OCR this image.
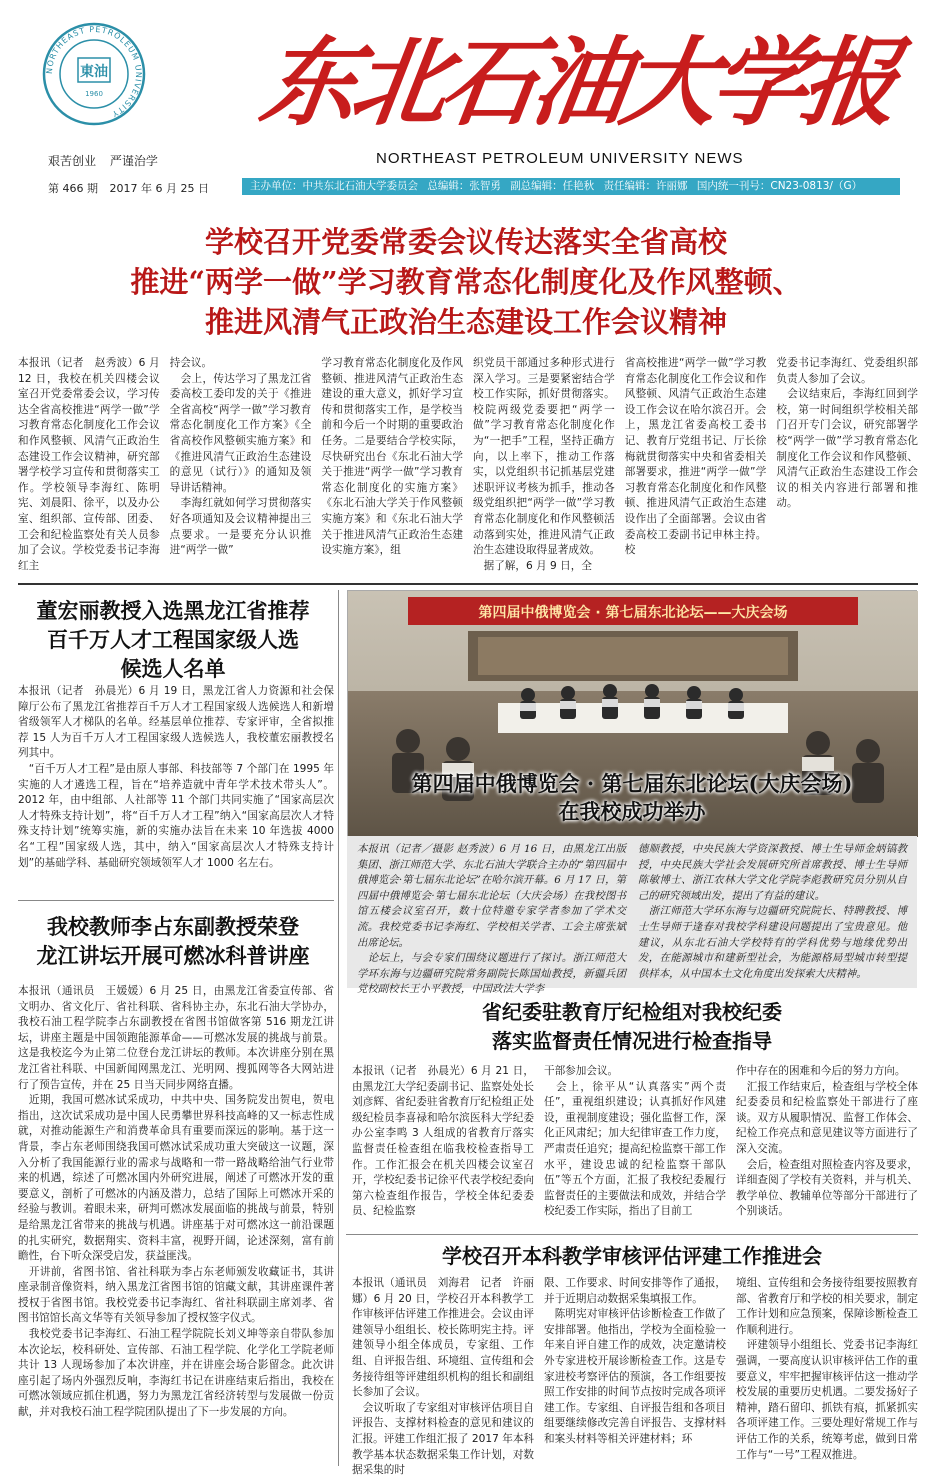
NORTHEAST PETROLEUM UNIVERSITY
東油
1960 东北石油大学报
NORTHEAST PETROLEUM UNIVERSITY NEWS
艰苦创业 严谨治学
第 466 期 2017 年 6 月 25 日	主办单位：中共东北石油大学委员会 总编辑：张智勇 副总编辑：任艳秋 责任编辑：许丽娜 国内统一刊号：CN23-0813/（G）
学校召开党委常委会议传达落实全省高校
推进“两学一做”学习教育常态化制度化及作风整顿、
推进风清气正政治生态建设工作会议精神
本报讯（记者　赵秀波）6 月 12 日，我校在机关四楼会议室召开党委常委会议，学习传达全省高校推进“两学一做”学习教育常态化制度化工作会议和作风整顿、风清气正政治生态建设工作会议精神，研究部署学校学习宣传和贯彻落实工作。学校领导李海红、陈明宪、刘晨阳、徐平，以及办公室、组织部、宣传部、团委、工会和纪检监察处有关人员参加了会议。学校党委书记李海红主
持会议。
　会上，传达学习了黑龙江省委高校工委印发的关于《推进全省高校“两学一做”学习教育常态化制度化工作方案》《全省高校作风整顿实施方案》和《推进风清气正政治生态建设的意见（试行）》的通知及领导讲话精神。
　李海红就如何学习贯彻落实好各项通知及会议精神提出三点要求。一是要充分认识推进“两学一做”
学习教育常态化制度化及作风整顿、推进风清气正政治生态建设的重大意义，抓好学习宣传和贯彻落实工作，是学校当前和今后一个时期的重要政治任务。二是要结合学校实际，尽快研究出台《东北石油大学关于推进“两学一做”学习教育常态化制度化的实施方案》《东北石油大学关于作风整顿实施方案》和《东北石油大学关于推进风清气正政治生态建设实施方案》，组
织党员干部通过多种形式进行深入学习。三是要紧密结合学校工作实际，抓好贯彻落实。校院两级党委要把“两学一做”学习教育常态化制度化作为“一把手”工程，坚持正确方向，以上率下，推动工作落实，以党组织书记抓基层党建述职评议考核为抓手，推动各级党组织把“两学一做”学习教育常态化制度化和作风整顿活动落到实处，推进风清气正政治生态建设取得显著成效。
　据了解，6 月 9 日，全
省高校推进“两学一做”学习教育常态化制度化工作会议和作风整顿、风清气正政治生态建设工作会议在哈尔滨召开。会上，黑龙江省委高校工委书记、教育厅党组书记、厅长徐梅就贯彻落实中央和省委相关部署要求，推进“两学一做”学习教育常态化制度化和作风整顿、推进风清气正政治生态建设作出了全面部署。会议由省委高校工委副书记申林主持。校
党委书记李海红、党委组织部负责人参加了会议。
　会议结束后，李海红回到学校，第一时间组织学校相关部门召开专门会议，研究部署学校“两学一做”学习教育常态化制度化工作会议和作风整顿、风清气正政治生态建设工作会议的相关内容进行部署和推动。
董宏丽教授入选黑龙江省推荐
百千万人才工程国家级人选
候选人名单
本报讯（记者　孙晨光）6 月 19 日，黑龙江省人力资源和社会保障厅公布了黑龙江省推荐百千万人才工程国家级人选候选人和新增省级领军人才梯队的名单。经基层单位推荐、专家评审，全省拟推荐 15 人为百千万人才工程国家级人选候选人，我校董宏丽教授名列其中。
　“百千万人才工程”是由原人事部、科技部等 7 个部门在 1995 年实施的人才遴选工程，旨在“培养造就中青年学术技术带头人”。2012 年，由中组部、人社部等 11 个部门共同实施了“国家高层次人才特殊支持计划”，将“百千万人才工程”纳入“国家高层次人才特殊支持计划”统筹实施，新的实施办法旨在未来 10 年选拔 4000 名“工程”国家级人选，其中，纳入“国家高层次人才特殊支持计划”的基础学科、基础研究领域领军人才 1000 名左右。
我校教师李占东副教授荣登
龙江讲坛开展可燃冰科普讲座
本报讯（通讯员　王媛媛）6 月 25 日，由黑龙江省委宣传部、省文明办、省文化厅、省社科联、省科协主办，东北石油大学协办，我校石油工程学院李占东副教授在省图书馆做客第 516 期龙江讲坛，讲座主题是中国领跑能源革命——可燃冰发展的挑战与前景。这是我校迄今为止第二位登台龙江讲坛的教师。本次讲座分别在黑龙江省社科联、中国新闻网黑龙江、光明网、搜狐网等各大网站进行了预告宣传，并在 25 日当天同步网络直播。
　近期，我国可燃冰试采成功，中共中央、国务院发出贺电，贺电指出，这次试采成功是中国人民勇攀世界科技高峰的又一标志性成就，对推动能源生产和消费革命具有重要而深远的影响。基于这一背景，李占东老师围绕我国可燃冰试采成功重大突破这一议题，深入分析了我国能源行业的需求与战略和一带一路战略给油气行业带来的机遇，综述了可燃冰国内外研究进展，阐述了可燃冰开发的重要意义，剖析了可燃冰的内涵及潜力，总结了国际上可燃冰开采的经验与教训。着眼未来，研判可燃冰发展面临的挑战与前景，特别是给黑龙江省带来的挑战与机遇。讲座基于对可燃冰这一前沿课题的扎实研究，数据翔实、资料丰富，视野开阔，论述深刻，富有前瞻性，台下听众深受启发，获益匪浅。
　开讲前，省图书馆、省社科联为李占东老师颁发收藏证书，其讲座录制音像资料，纳入黑龙江省图书馆的馆藏文献，其讲座课件著授权于省图书馆。我校党委书记李海红、省社科联副主席刘孝、省图书馆馆长高文华等有关领导参加了授权签字仪式。
　我校党委书记李海红、石油工程学院院长刘义坤等亲自带队参加本次论坛，校科研处、宣传部、石油工程学院、化学化工学院老师共计 13 人现场参加了本次讲座，并在讲座会场合影留念。此次讲座引起了场内外强烈反响，李海红书记在讲座结束后指出，我校在可燃冰领域应抓住机遇，努力为黑龙江省经济转型与发展做一份贡献，并对我校石油工程学院团队提出了下一步发展的方向。
第四届中俄博览会 · 第七届东北论坛——大庆会场
第四届中俄博览会 · 第七届东北论坛(大庆会场)
在我校成功举办
本报讯（记者／摄影 赵秀波）6 月 16 日，由黑龙江出版集团、浙江师范大学、东北石油大学联合主办的“第四届中俄博览会·第七届东北论坛”在哈尔滨开幕。6 月 17 日，第四届中俄博览会·第七届东北论坛（大庆会场）在我校图书馆五楼会议室召开，数十位特邀专家学者参加了学术交流。我校党委书记李海红、学校相关学者、工会主席张斌出席论坛。
　论坛上，与会专家们围绕议题进行了探讨。浙江师范大学环东海与边疆研究院常务副院长陈国灿教授，新疆兵团党校副校长王小平教授，中国政法大学李
德顺教授，中央民族大学资深教授、博士生导师金炳镐教授，中央民族大学社会发展研究所首席教授、博士生导师陈敏博士、浙江农林大学文化学院李彪教研究员分别从自己的研究领域出发，提出了有益的建议。
　浙江师范大学环东海与边疆研究院院长、特聘教授、博士生导师于逢春对我校学科建设问题提出了宝贵意见。他建议，从东北石油大学校特有的学科优势与地缘优势出发，在能源城市和建新型社会，为能源格局型城市转型提供样本，从中国本土文化角度出发探索大庆精神。
省纪委驻教育厅纪检组对我校纪委
落实监督责任情况进行检查指导
本报讯（记者　孙晨光）6 月 21 日，由黑龙江大学纪委副书记、监察处处长刘彦辉、省纪委驻省教育厅纪检组正处级纪检员李喜禄和哈尔滨医科大学纪委办公室李鸣 3 人组成的省教育厅落实监督责任检查组在临我校检查指导工作。工作汇报会在机关四楼会议室召开，学校纪委书记徐平代表学校纪委向第六检查组作报告，学校全体纪委委员、纪检监察
干部参加会议。
　会上，徐平从“认真落实”两个责任”，重视组织建设；认真抓好作风建设，重视制度建设；强化监督工作，深化正风肃纪；加大纪律审查工作力度，严肃责任追究；提高纪检监察干部工作水平，建设忠诚的纪检监察干部队伍”等五个方面，汇报了我校纪委履行监督责任的主要做法和成效，并结合学校纪委工作实际，指出了目前工
作中存在的困难和今后的努力方向。
　汇报工作结束后，检查组与学校全体纪委委员和纪检监察处干部进行了座谈。双方从履职情况、监督工作体会、纪检工作亮点和意见建议等方面进行了深入交流。
　会后，检查组对照检查内容及要求，详细查阅了学校有关资料，并与机关、教学单位、教辅单位等部分干部进行了个别谈话。
学校召开本科教学审核评估评建工作推进会
本报讯（通讯员　刘海君　记者　许丽娜）6 月 20 日，学校召开本科教学工作审核评估评建工作推进会。会议由评建领导小组组长、校长陈明宪主持。评建领导小组全体成员，专家组、工作组、自评报告组、环境组、宣传组和会务接待组等评建组织机构的组长和副组长参加了会议。
　会议听取了专家组对审核评估项目自评报告、支撑材料检查的意见和建议的汇报。评建工作组汇报了 2017 年本科教学基本状态数据采集工作计划，对数据采集的时
限、工作要求、时间安排等作了通报，并于近期启动数据采集填报工作。
　陈明宪对审核评估诊断检查工作做了安排部署。他指出，学校为全面检验一年来自评自建工作的成效，决定邀请校外专家进校开展诊断检查工作。这是专家进校考察评估的预演，各工作组要按照工作安排的时间节点按时完成各项评建工作。专家组、自评报告组和各项目组要继续修改完善自评报告、支撑材料和案头材料等相关评建材料；环
境组、宣传组和会务接待组要按照教育部、省教育厅和学校的相关要求，制定工作计划和应急预案，保障诊断检查工作顺利进行。
　评建领导小组组长、党委书记李海红强调，一要高度认识审核评估工作的重要意义，牢牢把握审核评估这一推动学校发展的重要历史机遇。二要发扬好子精神，踏石留印、抓铁有痕，抓紧抓实各项评建工作。三要处理好常规工作与评估工作的关系，统筹考虑，做到日常工作与“一号”工程双推进。
